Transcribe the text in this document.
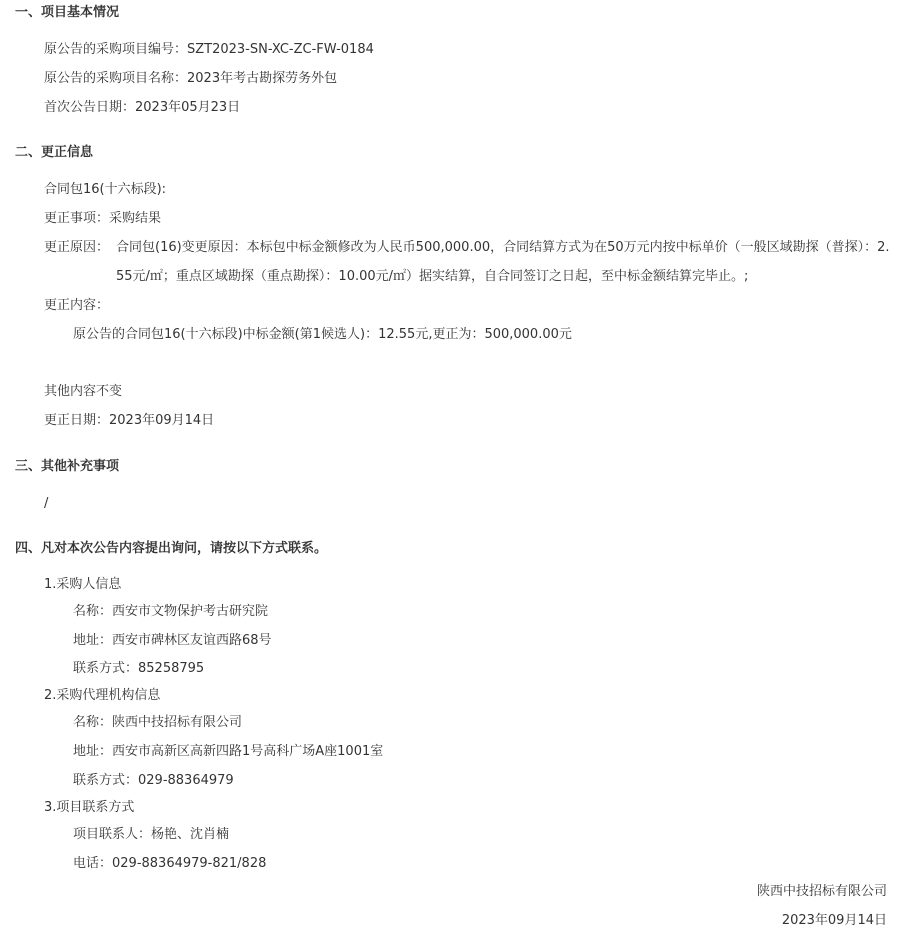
一、项目基本情况
原公告的采购项目编号：SZT2023-SN-XC-ZC-FW-0184
原公告的采购项目名称：2023年考古勘探劳务外包
首次公告日期：2023年05月23日
二、更正信息
合同包16(十六标段):
更正事项：采购结果
更正原因： 合同包(16)变更原因：本标包中标金额修改为人民币500,000.00，合同结算方式为在50万元内按中标单价（一般区域勘探（普探）：2.55元/㎡；重点区域勘探（重点勘探）：10.00元/㎡）据实结算，自合同签订之日起，至中标金额结算完毕止。;
更正内容：
原公告的合同包16(十六标段)中标金额(第1候选人)：12.55元,更正为：500,000.00元
其他内容不变
更正日期：2023年09月14日
三、其他补充事项
/
四、凡对本次公告内容提出询问，请按以下方式联系。
1.采购人信息
名称：西安市文物保护考古研究院
地址：西安市碑林区友谊西路68号
联系方式：85258795
2.采购代理机构信息
名称：陕西中技招标有限公司
地址：西安市高新区高新四路1号高科广场A座1001室
联系方式：029-88364979
3.项目联系方式
项目联系人：杨艳、沈肖楠
电话：029-88364979-821/828
陕西中技招标有限公司
2023年09月14日
